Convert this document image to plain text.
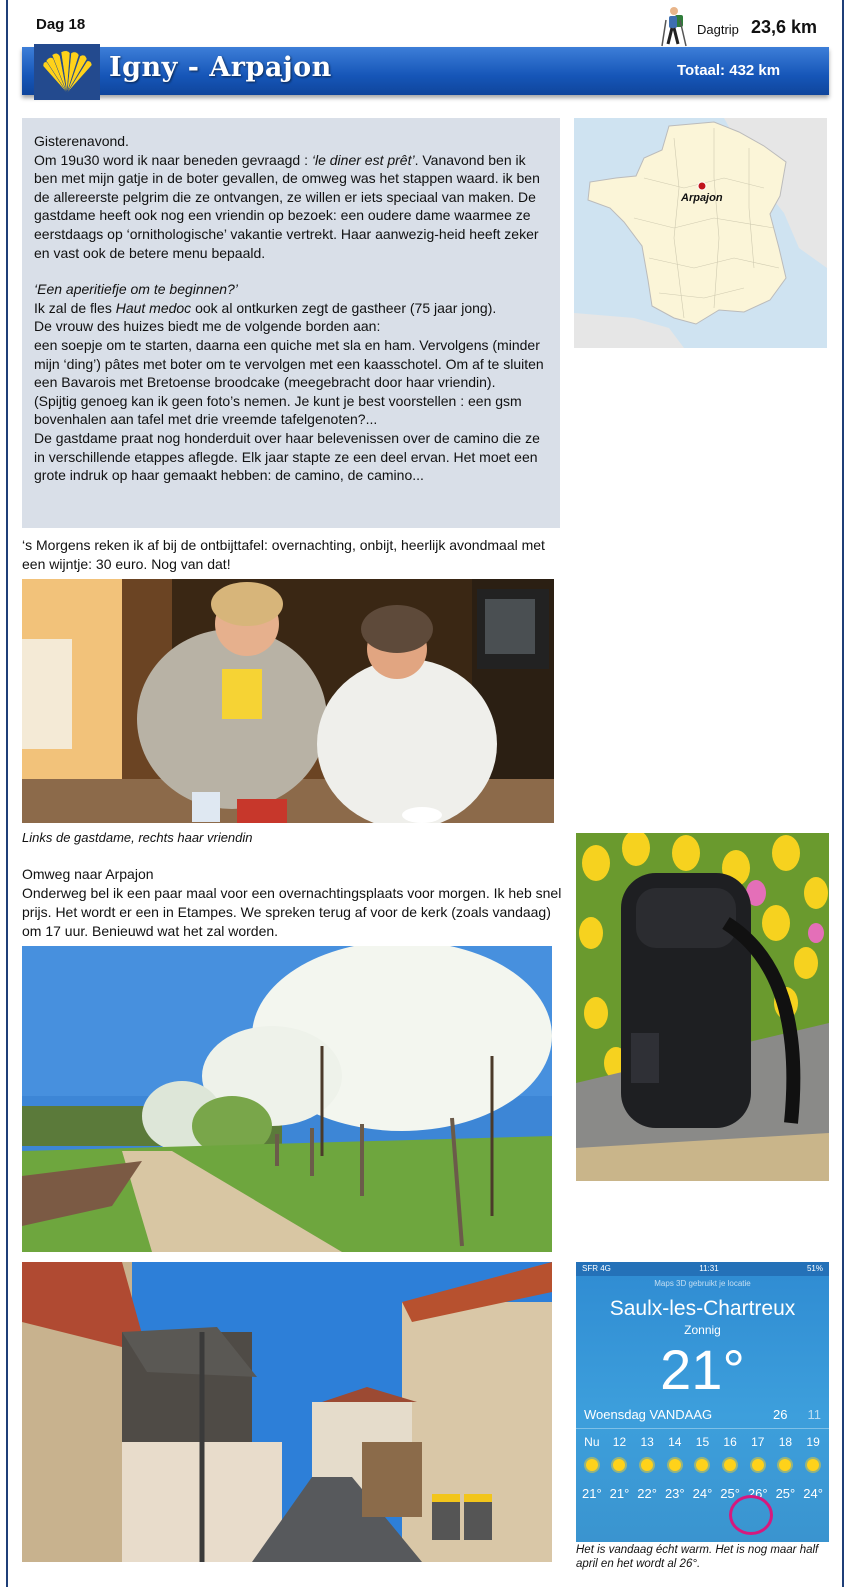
Dag 18	Dagtrip 23,6 km
Igny - Arpajon	Totaal: 432 km

Gisterenavond.

Om 19u30 word ik naar beneden gevraagd : ‘le diner est prêt’. Vanavond ben ik ben met mijn gatje in de boter gevallen, de omweg was het stappen waard. ik ben de allereerste pelgrim die ze ontvangen, ze willen er iets speciaal van maken. De gastdame heeft ook nog een vriendin op bezoek: een oudere dame waarmee ze eerstdaags op ‘ornithologische’ vakantie vertrekt. Haar aanwezig-heid heeft zeker en vast ook de betere menu bepaald.

‘Een aperitiefje om te beginnen?’

Ik zal de fles Haut medoc ook al ontkurken zegt de gastheer (75 jaar jong).

De vrouw des huizes biedt me de volgende borden aan:

een soepje om te starten, daarna een quiche met sla en ham. Vervolgens (minder mijn ‘ding’) pâtes met boter om te vervolgen met een kaasschotel. Om af te sluiten een Bavarois met Bretoense broodcake (meegebracht door haar vriendin).

(Spijtig genoeg kan ik geen foto’s nemen. Je kunt je best voorstellen : een gsm bovenhalen aan tafel met drie vreemde tafelgenoten?...

De gastdame praat nog honderduit over haar belevenissen over de camino die ze in verschillende etappes aflegde. Elk jaar stapte ze een deel ervan. Het moet een grote indruk op haar gemaakt hebben: de camino, de camino...

Arpajon
‘s Morgens reken ik af bij de ontbijttafel: overnachting, onbijt, heerlijk avondmaal met een wijntje: 30 euro. Nog van dat!
Links de gastdame, rechts haar vriendin
Omweg naar Arpajon
Onderweg bel ik een paar maal voor een overnachtingsplaats voor morgen. Ik heb snel prijs. Het wordt er een in Etampes. We spreken terug af voor de kerk (zoals vandaag) om 17 uur. Benieuwd wat het zal worden.
SFR 4G	11:31	51%
Maps 3D gebruikt je locatie
Saulx-les-Chartreux
Zonnig
21°
Woensdag VANDAAG	26 11
Nu	12	13	14	15	16	17	18	19
21° 21° 22° 23° 24° 25° 26° 25° 24°
Het is vandaag écht warm. Het is nog maar half april en het wordt al 26°.
